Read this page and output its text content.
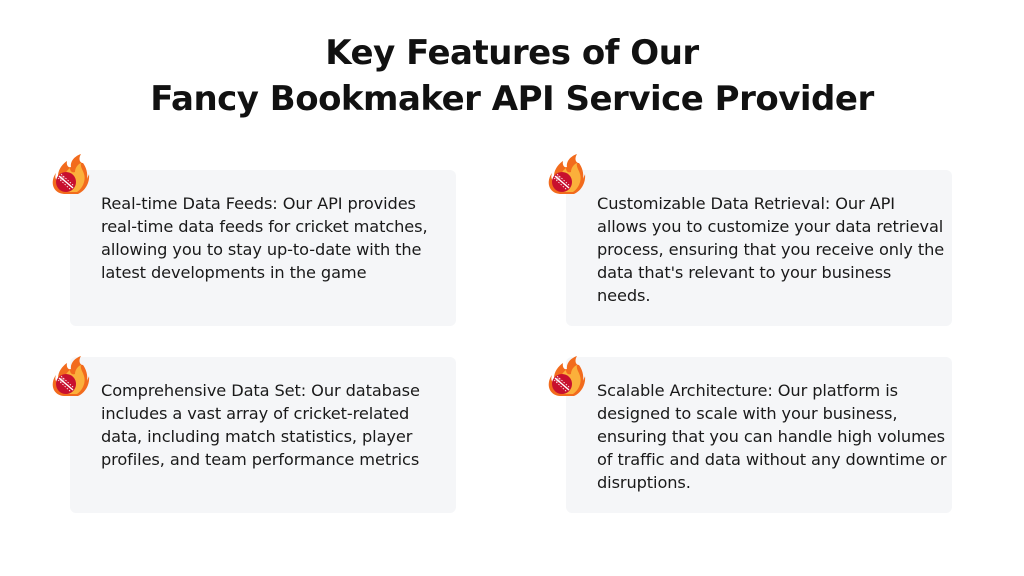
Key Features of Our
Fancy Bookmaker API Service Provider

Real-time Data Feeds: Our API provides real-time data feeds for cricket matches, allowing you to stay up-to-date with the latest developments in the game

Customizable Data Retrieval: Our API allows you to customize your data retrieval process, ensuring that you receive only the data that's relevant to your business needs.

Comprehensive Data Set: Our database includes a vast array of cricket-related data, including match statistics, player profiles, and team performance metrics

Scalable Architecture: Our platform is designed to scale with your business, ensuring that you can handle high volumes of traffic and data without any downtime or disruptions.
